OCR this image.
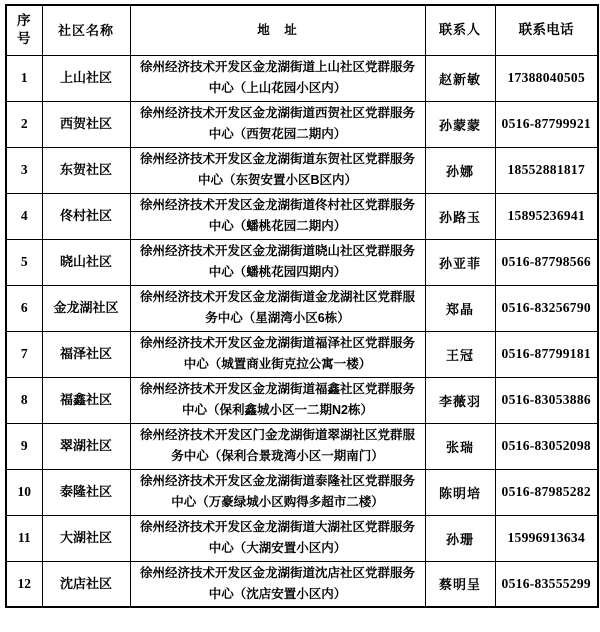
序号	社区名称	地　址	联系人	联系电话
1	上山社区	徐州经济技术开发区金龙湖街道上山社区党群服务中心（上山花园小区内）	赵新敏	17388040505
2	西贺社区	徐州经济技术开发区金龙湖街道西贺社区党群服务中心（西贺花园二期内）	孙蒙蒙	0516-87799921
3	东贺社区	徐州经济技术开发区金龙湖街道东贺社区党群服务中心（东贺安置小区B区内）	孙娜	18552881817
4	佟村社区	徐州经济技术开发区金龙湖街道佟村社区党群服务中心（蟠桃花园二期内）	孙路玉	15895236941
5	晓山社区	徐州经济技术开发区金龙湖街道晓山社区党群服务中心（蟠桃花园四期内）	孙亚菲	0516-87798566
6	金龙湖社区	徐州经济技术开发区金龙湖街道金龙湖社区党群服务中心（星湖湾小区6栋）	郑晶	0516-83256790
7	福泽社区	徐州经济技术开发区金龙湖街道福泽社区党群服务中心（城置商业街克拉公寓一楼）	王冠	0516-87799181
8	福鑫社区	徐州经济技术开发区金龙湖街道福鑫社区党群服务中心（保利鑫城小区一二期N2栋）	李薇羽	0516-83053886
9	翠湖社区	徐州经济技术开发区门金龙湖街道翠湖社区党群服务中心（保利合景珑湾小区一期南门）	张瑞	0516-83052098
10	泰隆社区	徐州经济技术开发区金龙湖街道泰隆社区党群服务中心（万豪绿城小区购得多超市二楼）	陈明培	0516-87985282
11	大湖社区	徐州经济技术开发区金龙湖街道大湖社区党群服务中心（大湖安置小区内）	孙珊	15996913634
12	沈店社区	徐州经济技术开发区金龙湖街道沈店社区党群服务中心（沈店安置小区内）	蔡明呈	0516-83555299
